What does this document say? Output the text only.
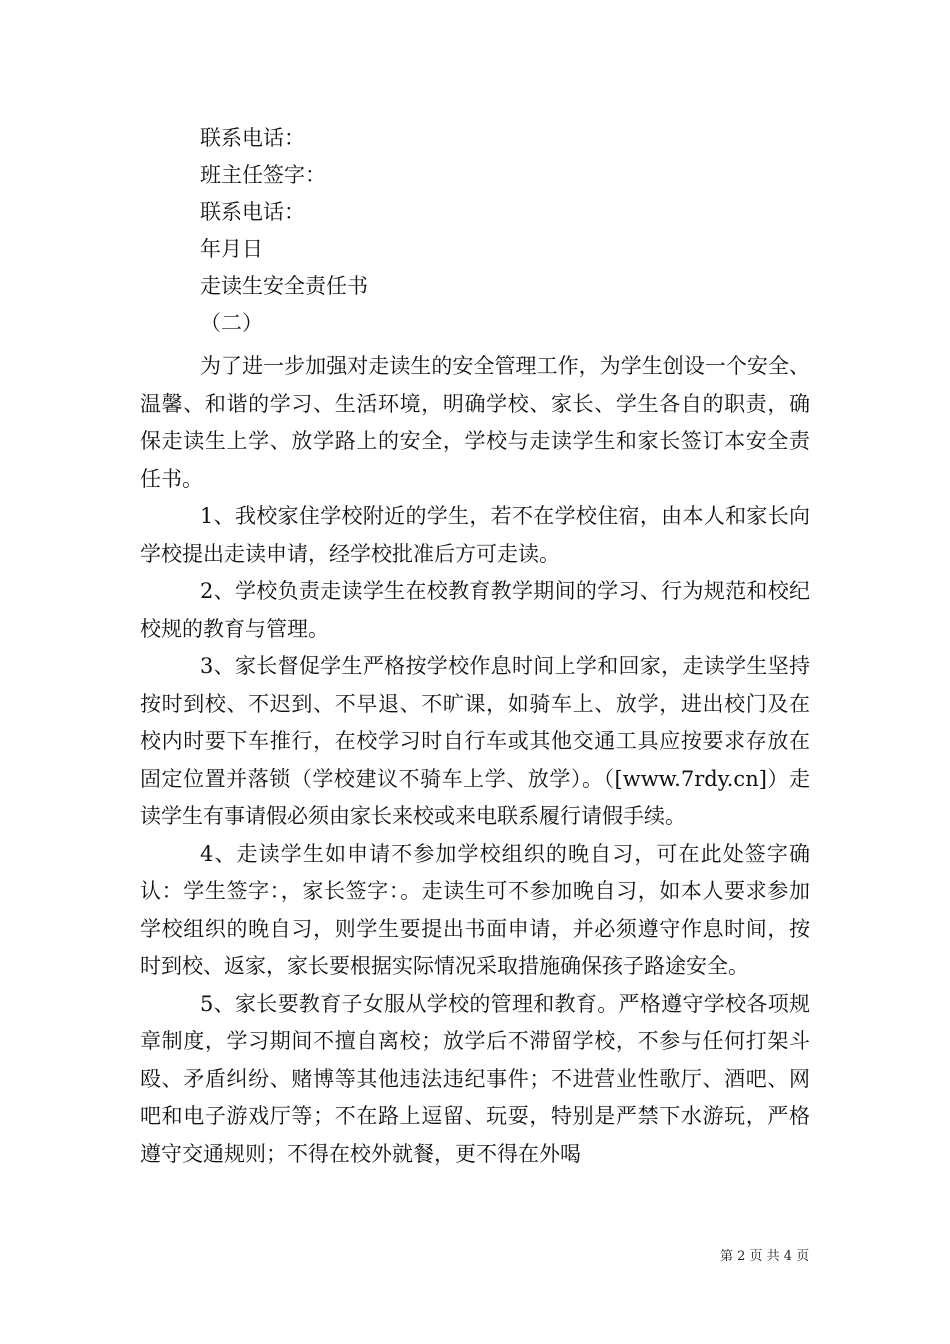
联系电话：
班主任签字：
联系电话：
年月日
走读生安全责任书
（二）

为了进一步加强对走读生的安全管理工作，为学生创设一个安全、温馨、和谐的学习、生活环境，明确学校、家长、学生各自的职责，确保走读生上学、放学路上的安全，学校与走读学生和家长签订本安全责任书。

1、我校家住学校附近的学生，若不在学校住宿，由本人和家长向学校提出走读申请，经学校批准后方可走读。

2、学校负责走读学生在校教育教学期间的学习、行为规范和校纪校规的教育与管理。

3、家长督促学生严格按学校作息时间上学和回家，走读学生坚持按时到校、不迟到、不早退、不旷课，如骑车上、放学，进出校门及在校内时要下车推行，在校学习时自行车或其他交通工具应按要求存放在固定位置并落锁（学校建议不骑车上学、放学）。（[www.7rdy.cn]）走读学生有事请假必须由家长来校或来电联系履行请假手续。

4、走读学生如申请不参加学校组织的晚自习，可在此处签字确认：学生签字：，家长签字：。走读生可不参加晚自习，如本人要求参加学校组织的晚自习，则学生要提出书面申请，并必须遵守作息时间，按时到校、返家，家长要根据实际情况采取措施确保孩子路途安全。

5、家长要教育子女服从学校的管理和教育。严格遵守学校各项规章制度，学习期间不擅自离校；放学后不滞留学校，不参与任何打架斗殴、矛盾纠纷、赌博等其他违法违纪事件；不进营业性歌厅、酒吧、网吧和电子游戏厅等；不在路上逗留、玩耍，特别是严禁下水游玩，严格遵守交通规则；不得在校外就餐，更不得在外喝

第 2 页 共 4 页
